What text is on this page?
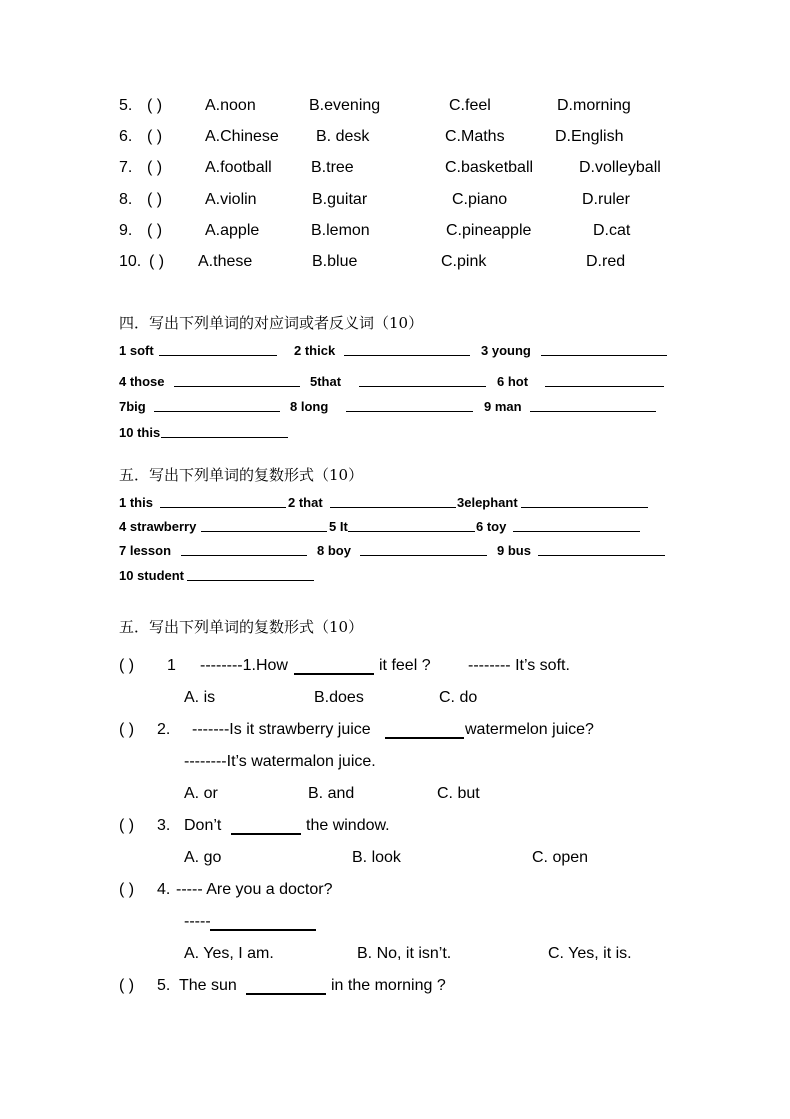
5. ( )	A.noon	B.evening	C.feel	D.morning
6. ( )	A.Chinese B. desk	C.Maths	D.English
7. ( )	A.football B.tree	C.basketball	D.volleyball
8. ( )	A.violin	B.guitar	C.piano	D.ruler
9. ( )	A.apple	B.lemon	C.pineapple	D.cat
10. ( ) A.these	B.blue	C.pink	D.red
四．写出下列单词的对应词或者反义词（10）
1 soft	2 thick	3 young
4 those	5that	6 hot
7big	8 long	9 man
10 this
五．写出下列单词的复数形式（10）
1 this	2 that	3elephant
4 strawberry	5 It	6 toy
7 lesson	8 boy	9 bus
10 student
五．写出下列单词的复数形式（10）
( ) 1 --------1.How	it feel ? -------- It’s soft.
A. is	B.does	C. do
( ) 2. -------Is it strawberry juice	watermelon juice?
--------It’s watermalon juice.
A. or	B. and	C. but
( ) 3. Don’t	the window.
A. go	B. look	C. open
( ) 4. ----- Are you a doctor?
-----
A. Yes, I am.	B. No, it isn’t.	C. Yes, it is.
( ) 5. The sun	in the morning ?
